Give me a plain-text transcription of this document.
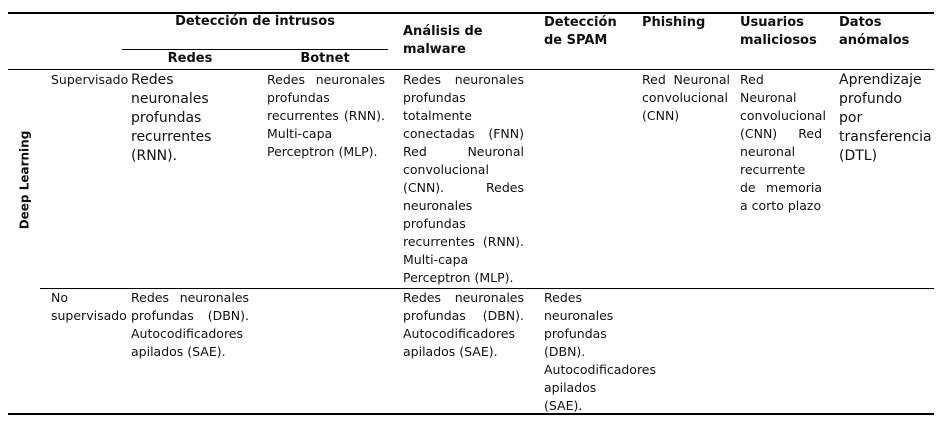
Detección de intrusos
Redes	Botnet
Análisis de malware
Detección de SPAM
Phishing	Usuarios maliciosos
Datos anómalos
Deep Learning
Supervisado Redes neuronales profundas recurrentes (RNN).
Redes neuronales profundas recurrentes (RNN). Multi-capa Perceptron (MLP).
Redes neuronales profundas totalmente conectadas (FNN) Red Neuronal convolucional (CNN). Redes neuronales profundas recurrentes (RNN). Multi-capa Perceptron (MLP).
Red Neuronal convolucional (CNN)
Red Neuronal convolucional (CNN) Red neuronal recurrente de memoria a corto plazo
Aprendizaje profundo por transferencia (DTL)
No supervisado
Redes neuronales profundas (DBN). Autocodificadores apilados (SAE).
Redes neuronales profundas (DBN). Autocodificadores apilados (SAE).
Redes neuronales profundas (DBN). Autocodificadores apilados (SAE).
